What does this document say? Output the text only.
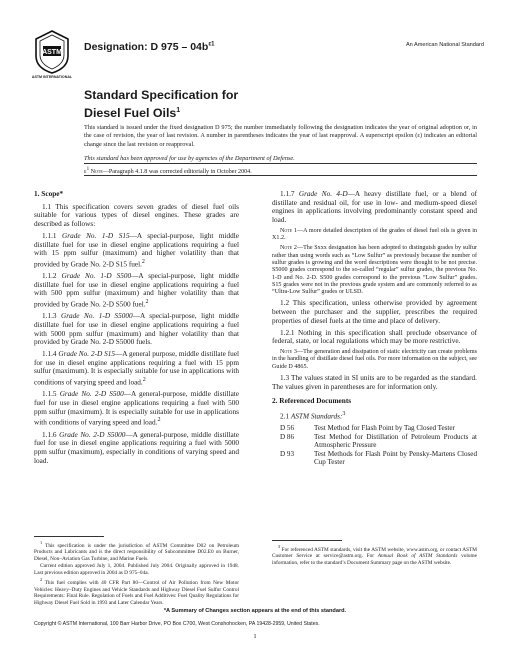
ASTM
ASTM INTERNATIONAL
Designation: D $975 - 04b^{\varepsilon 1}$	An American National Standard
Standard Specification for
Diesel Fuel Oils$^1$
This standard is issued under the fixed designation D 975; the number immediately following the designation indicates the year of original adoption or, in the case of revision, the year of last revision. A number in parentheses indicates the year of last reapproval. A superscript epsilon (ε) indicates an editorial change since the last revision or reapproval.
This standard has been approved for use by agencies of the Department of Defense.
$\varepsilon^1$ Note—Paragraph 4.1.8 was corrected editorially in October 2004.
1. Scope*

1.1 This specification covers seven grades of diesel fuel oils suitable for various types of diesel engines. These grades are described as follows:

1.1.1 Grade No. 1-D S15—A special-purpose, light middle distillate fuel for use in diesel engine applications requiring a fuel with 15 ppm sulfur (maximum) and higher volatility than that provided by Grade No. 2-D S15 fuel.$^2$

1.1.2 Grade No. 1-D S500—A special-purpose, light middle distillate fuel for use in diesel engine applications requiring a fuel with 500 ppm sulfur (maximum) and higher volatility than that provided by Grade No. 2-D S500 fuel.$^2$

1.1.3 Grade No. 1-D S5000—A special-purpose, light middle distillate fuel for use in diesel engine applications requiring a fuel with 5000 ppm sulfur (maximum) and higher volatility than that provided by Grade No. 2-D S5000 fuels.

1.1.4 Grade No. 2-D S15—A general purpose, middle distillate fuel for use in diesel engine applications requiring a fuel with 15 ppm sulfur (maximum). It is especially suitable for use in applications with conditions of varying speed and load.$^2$

1.1.5 Grade No. 2-D S500—A general-purpose, middle distillate fuel for use in diesel engine applications requiring a fuel with 500 ppm sulfur (maximum). It is especially suitable for use in applications with conditions of varying speed and load.$^2$

1.1.6 Grade No. 2-D S5000—A general-purpose, middle distillate fuel for use in diesel engine applications requiring a fuel with 5000 ppm sulfur (maximum), especially in conditions of varying speed and load.

$^1$ This specification is under the jurisdiction of ASTM Committee D02 on Petroleum Products and Lubricants and is the direct responsibility of Subcommittee D02.E0 on Burner, Diesel, Non–Aviation Gas Turbine, and Marine Fuels.

Current edition approved July 1, 2004. Published July 2004. Originally approved in 1948. Last previous edition approved in 2004 as D 975–04a.

$^2$ This fuel complies with 40 CFR Part 80—Control of Air Pollution from New Motor Vehicles: Heavy–Duty Engines and Vehicle Standards and Highway Diesel Fuel Sulfur Control Requirements: Final Rule. Regulation of Fuels and Fuel Additives: Fuel Quality Regulations for Highway Diesel Fuel Sold in 1993 and Later Calendar Years.

1.1.7 Grade No. 4-D—A heavy distillate fuel, or a blend of distillate and residual oil, for use in low- and medium-speed diesel engines in applications involving predominantly constant speed and load.

Note 1—A more detailed description of the grades of diesel fuel oils is given in X1.2.

Note 2—The Sxxx designation has been adopted to distinguish grades by sulfur rather than using words such as “Low Sulfur” as previously because the number of sulfur grades is growing and the word descriptions were thought to be not precise. S5000 grades correspond to the so-called “regular” sulfur grades, the previous No. 1-D and No. 2-D. S500 grades correspond to the previous “Low Sulfur” grades. S15 grades were not in the previous grade system and are commonly referred to as “Ultra-Low Sulfur” grades or ULSD.

1.2 This specification, unless otherwise provided by agreement between the purchaser and the supplier, prescribes the required properties of diesel fuels at the time and place of delivery.

1.2.1 Nothing in this specification shall preclude observance of federal, state, or local regulations which may be more restrictive.

Note 3—The generation and dissipation of static electricity can create problems in the handling of distillate diesel fuel oils. For more information on the subject, see Guide D 4865.

1.3 The values stated in SI units are to be regarded as the standard. The values given in parentheses are for information only.

2. Referenced Documents

2.1 ASTM Standards:$^3$

D 56	Test Method for Flash Point by Tag Closed Tester
D 86	Test Method for Distillation of Petroleum Products at Atmospheric Pressure
D 93	Test Methods for Flash Point by Pensky-Martens Closed Cup Tester

$^3$ For referenced ASTM standards, visit the ASTM website, www.astm.org, or contact ASTM Customer Service at service@astm.org. For Annual Book of ASTM Standards volume information, refer to the standard’s Document Summary page on the ASTM website.

*A Summary of Changes section appears at the end of this standard.
Copyright © ASTM International, 100 Barr Harbor Drive, PO Box C700, West Conshohocken, PA 19428-2959, United States.
1
